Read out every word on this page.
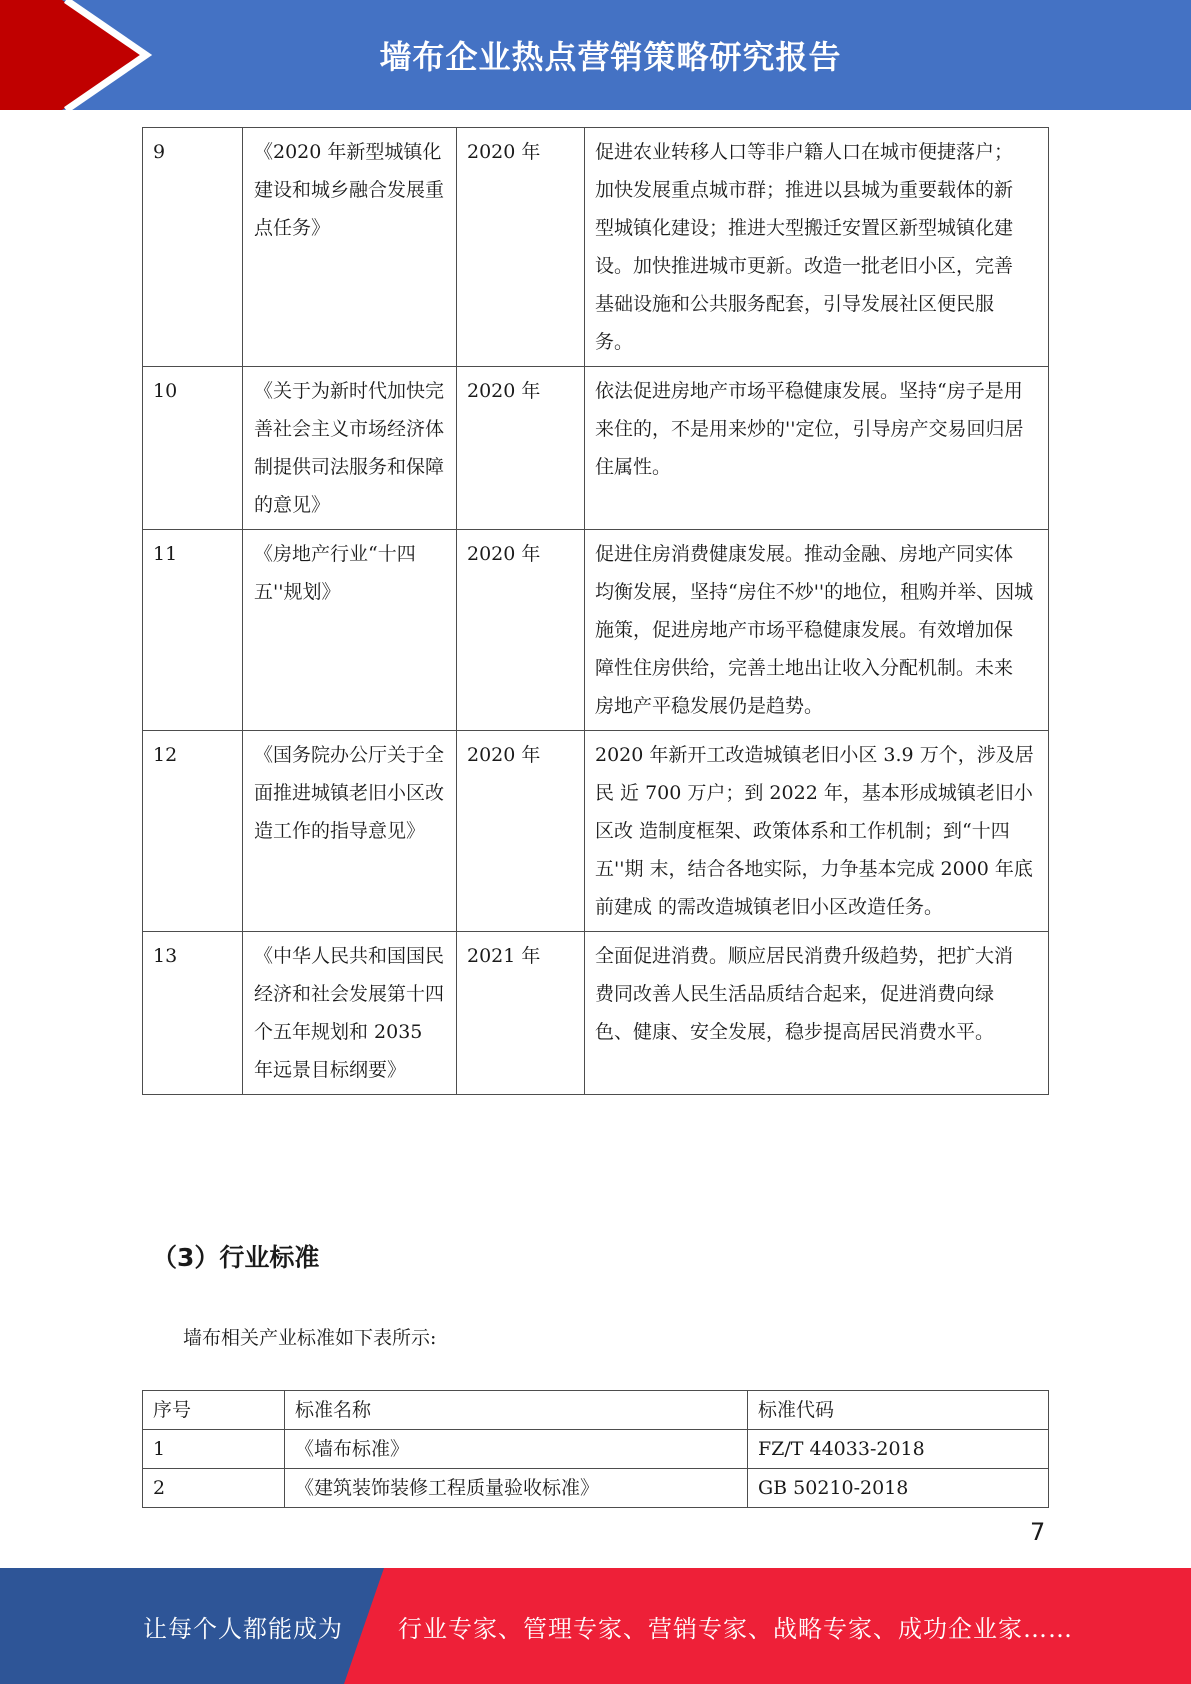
墙布企业热点营销策略研究报告
9	《2020 年新型城镇化建设和城乡融合发展重点任务》	2020 年	促进农业转移人口等非户籍人口在城市便捷落户； 加快发展重点城市群；推进以县城为重要载体的新 型城镇化建设；推进大型搬迁安置区新型城镇化建 设。加快推进城市更新。改造一批老旧小区，完善 基础设施和公共服务配套，引导发展社区便民服 务。
10	《关于为新时代加快完善社会主义市场经济体制提供司法服务和保障的意见》	2020 年	依法促进房地产市场平稳健康发展。坚持“房子是用 来住的，不是用来炒的''定位，引导房产交易回归居 住属性。
11	《房地产行业“十四五''规划》	2020 年	促进住房消费健康发展。推动金融、房地产同实体 均衡发展，坚持“房住不炒''的地位，租购并举、因城 施策，促进房地产市场平稳健康发展。有效增加保 障性住房供给，完善土地出让收入分配机制。未来 房地产平稳发展仍是趋势。
12	《国务院办公厅关于全面推进城镇老旧小区改造工作的指导意见》	2020 年	2020 年新开工改造城镇老旧小区 3.9 万个，涉及居民 近 700 万户；到 2022 年，基本形成城镇老旧小区改 造制度框架、政策体系和工作机制；到“十四五''期 末，结合各地实际，力争基本完成 2000 年底前建成 的需改造城镇老旧小区改造任务。
13	《中华人民共和国国民经济和社会发展第十四个五年规划和 2035 年远景目标纲要》	2021 年	全面促进消费。顺应居民消费升级趋势，把扩大消 费同改善人民生活品质结合起来，促进消费向绿 色、健康、安全发展，稳步提高居民消费水平。
（3）行业标准
墙布相关产业标准如下表所示:
序号	标准名称	标准代码
1	《墙布标准》	FZ/T 44033-2018
2	《建筑装饰装修工程质量验收标准》	GB 50210-2018
7
让每个人都能成为 行业专家、管理专家、营销专家、战略专家、成功企业家……
